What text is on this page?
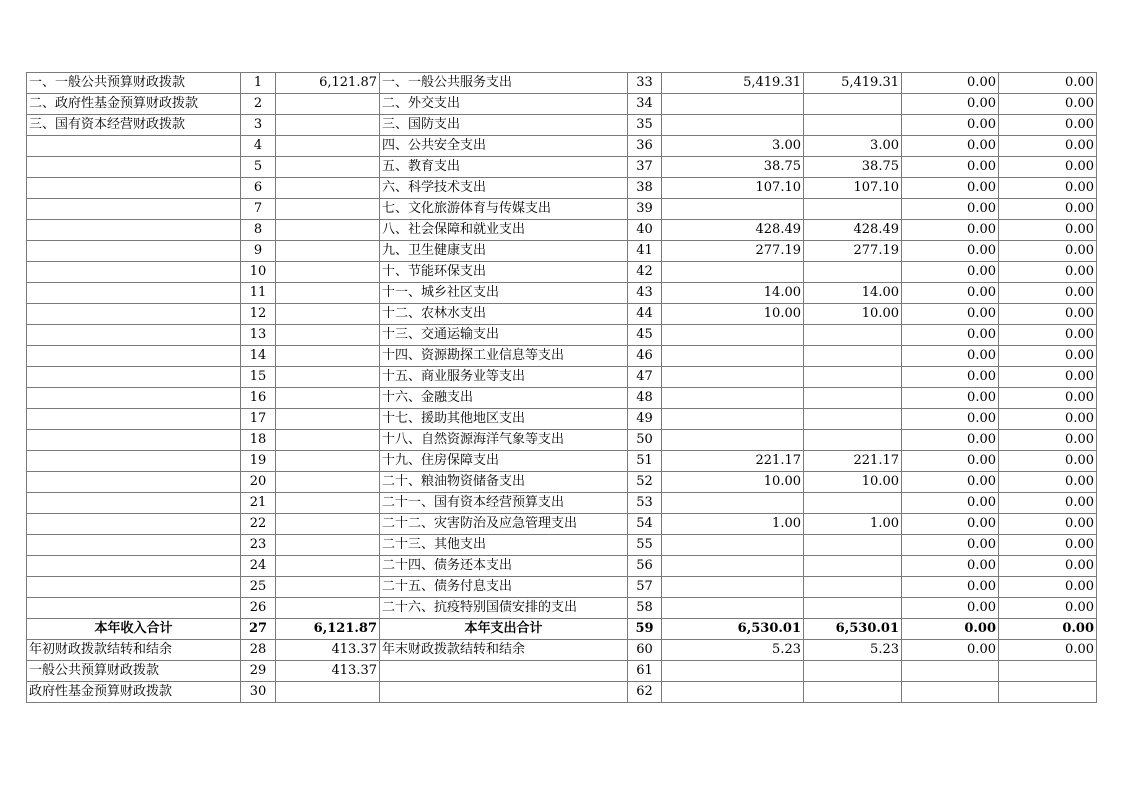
一、一般公共预算财政拨款	1	6,121.87	一、一般公共服务支出	33	5,419.31	5,419.31	0.00	0.00
二、政府性基金预算财政拨款	2		二、外交支出	34			0.00	0.00
三、国有资本经营财政拨款	3		三、国防支出	35			0.00	0.00
	4		四、公共安全支出	36	3.00	3.00	0.00	0.00
	5		五、教育支出	37	38.75	38.75	0.00	0.00
	6		六、科学技术支出	38	107.10	107.10	0.00	0.00
	7		七、文化旅游体育与传媒支出	39			0.00	0.00
	8		八、社会保障和就业支出	40	428.49	428.49	0.00	0.00
	9		九、卫生健康支出	41	277.19	277.19	0.00	0.00
	10		十、节能环保支出	42			0.00	0.00
	11		十一、城乡社区支出	43	14.00	14.00	0.00	0.00
	12		十二、农林水支出	44	10.00	10.00	0.00	0.00
	13		十三、交通运输支出	45			0.00	0.00
	14		十四、资源勘探工业信息等支出	46			0.00	0.00
	15		十五、商业服务业等支出	47			0.00	0.00
	16		十六、金融支出	48			0.00	0.00
	17		十七、援助其他地区支出	49			0.00	0.00
	18		十八、自然资源海洋气象等支出	50			0.00	0.00
	19		十九、住房保障支出	51	221.17	221.17	0.00	0.00
	20		二十、粮油物资储备支出	52	10.00	10.00	0.00	0.00
	21		二十一、国有资本经营预算支出	53			0.00	0.00
	22		二十二、灾害防治及应急管理支出	54	1.00	1.00	0.00	0.00
	23		二十三、其他支出	55			0.00	0.00
	24		二十四、债务还本支出	56			0.00	0.00
	25		二十五、债务付息支出	57			0.00	0.00
	26		二十六、抗疫特别国债安排的支出	58			0.00	0.00
本年收入合计	27	6,121.87	本年支出合计	59	6,530.01	6,530.01	0.00	0.00
年初财政拨款结转和结余	28	413.37	年末财政拨款结转和结余	60	5.23	5.23	0.00	0.00
一般公共预算财政拨款	29	413.37		61				
政府性基金预算财政拨款	30			62				
